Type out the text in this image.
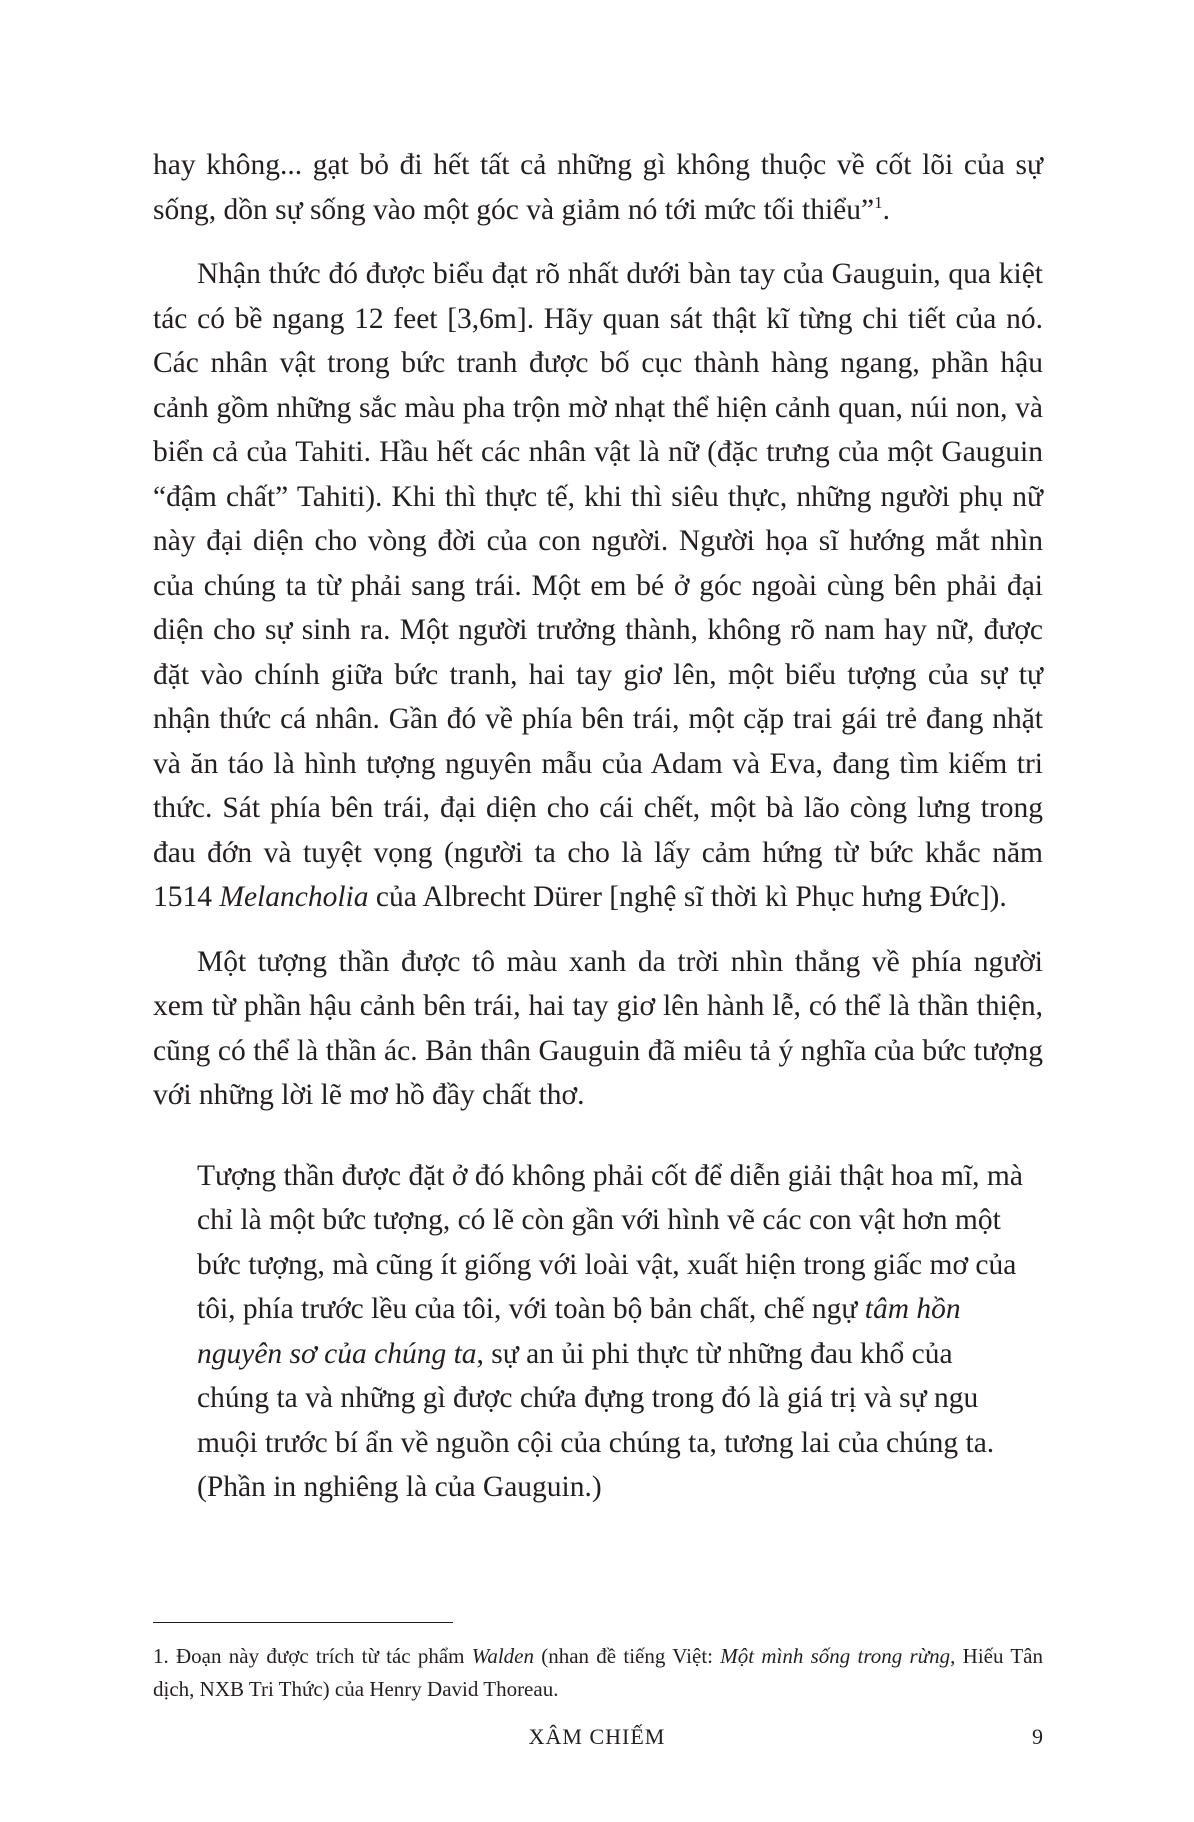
hay không... gạt bỏ đi hết tất cả những gì không thuộc về cốt lõi của sự sống, dồn sự sống vào một góc và giảm nó tới mức tối thiểu”$^1$.

Nhận thức đó được biểu đạt rõ nhất dưới bàn tay của Gauguin, qua kiệt tác có bề ngang 12 feet [3,6m]. Hãy quan sát thật kĩ từng chi tiết của nó. Các nhân vật trong bức tranh được bố cục thành hàng ngang, phần hậu cảnh gồm những sắc màu pha trộn mờ nhạt thể hiện cảnh quan, núi non, và biển cả của Tahiti. Hầu hết các nhân vật là nữ (đặc trưng của một Gauguin “đậm chất” Tahiti). Khi thì thực tế, khi thì siêu thực, những người phụ nữ này đại diện cho vòng đời của con người. Người họa sĩ hướng mắt nhìn của chúng ta từ phải sang trái. Một em bé ở góc ngoài cùng bên phải đại diện cho sự sinh ra. Một người trưởng thành, không rõ nam hay nữ, được đặt vào chính giữa bức tranh, hai tay giơ lên, một biểu tượng của sự tự nhận thức cá nhân. Gần đó về phía bên trái, một cặp trai gái trẻ đang nhặt và ăn táo là hình tượng nguyên mẫu của Adam và Eva, đang tìm kiếm tri thức. Sát phía bên trái, đại diện cho cái chết, một bà lão còng lưng trong đau đớn và tuyệt vọng (người ta cho là lấy cảm hứng từ bức khắc năm 1514 Melancholia của Albrecht Dürer [nghệ sĩ thời kì Phục hưng Đức]).

Một tượng thần được tô màu xanh da trời nhìn thẳng về phía người xem từ phần hậu cảnh bên trái, hai tay giơ lên hành lễ, có thể là thần thiện, cũng có thể là thần ác. Bản thân Gauguin đã miêu tả ý nghĩa của bức tượng với những lời lẽ mơ hồ đầy chất thơ.

Tượng thần được đặt ở đó không phải cốt để diễn giải thật hoa mĩ, mà chỉ là một bức tượng, có lẽ còn gần với hình vẽ các con vật hơn một bức tượng, mà cũng ít giống với loài vật, xuất hiện trong giấc mơ của tôi, phía trước lều của tôi, với toàn bộ bản chất, chế ngự tâm hồn nguyên sơ của chúng ta, sự an ủi phi thực từ những đau khổ của chúng ta và những gì được chứa đựng trong đó là giá trị và sự ngu muội trước bí ẩn về nguồn cội của chúng ta, tương lai của chúng ta. (Phần in nghiêng là của Gauguin.)

1. Đoạn này được trích từ tác phẩm Walden (nhan đề tiếng Việt: Một mình sống trong rừng, Hiếu Tân dịch, NXB Tri Thức) của Henry David Thoreau.

XÂM CHIẾM	9
